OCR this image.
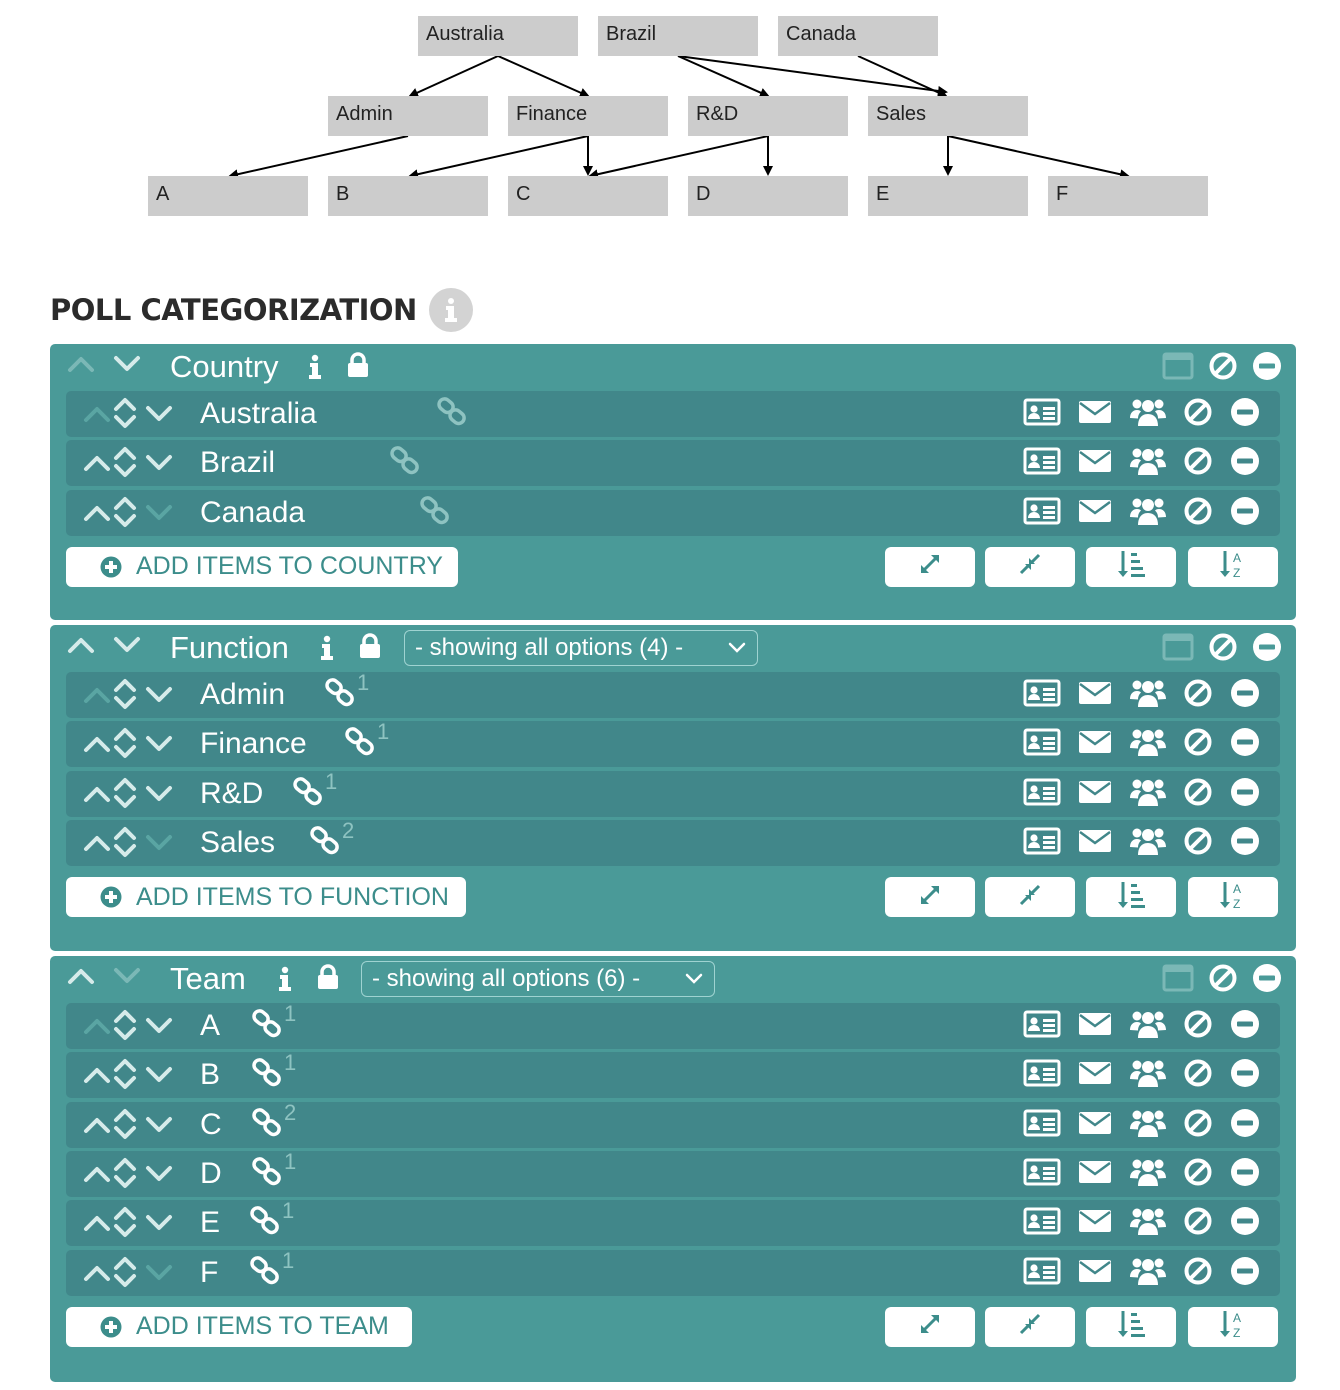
Australia	Brazil	Canada
Admin	Finance	R&D	Sales
A	B	C	D	E	F
POLL CATEGORIZATION
Country
Australia
Brazil
Canada
ADD ITEMS TO COUNTRY	A
Z
Function	- showing all options (4) -
Admin	1
Finance	1
R&D	1
Sales	2
ADD ITEMS TO FUNCTION	A
Z
Team	- showing all options (6) -
A	1
B	1
C	2
D	1
E	1
F	1
ADD ITEMS TO TEAM	A
Z
